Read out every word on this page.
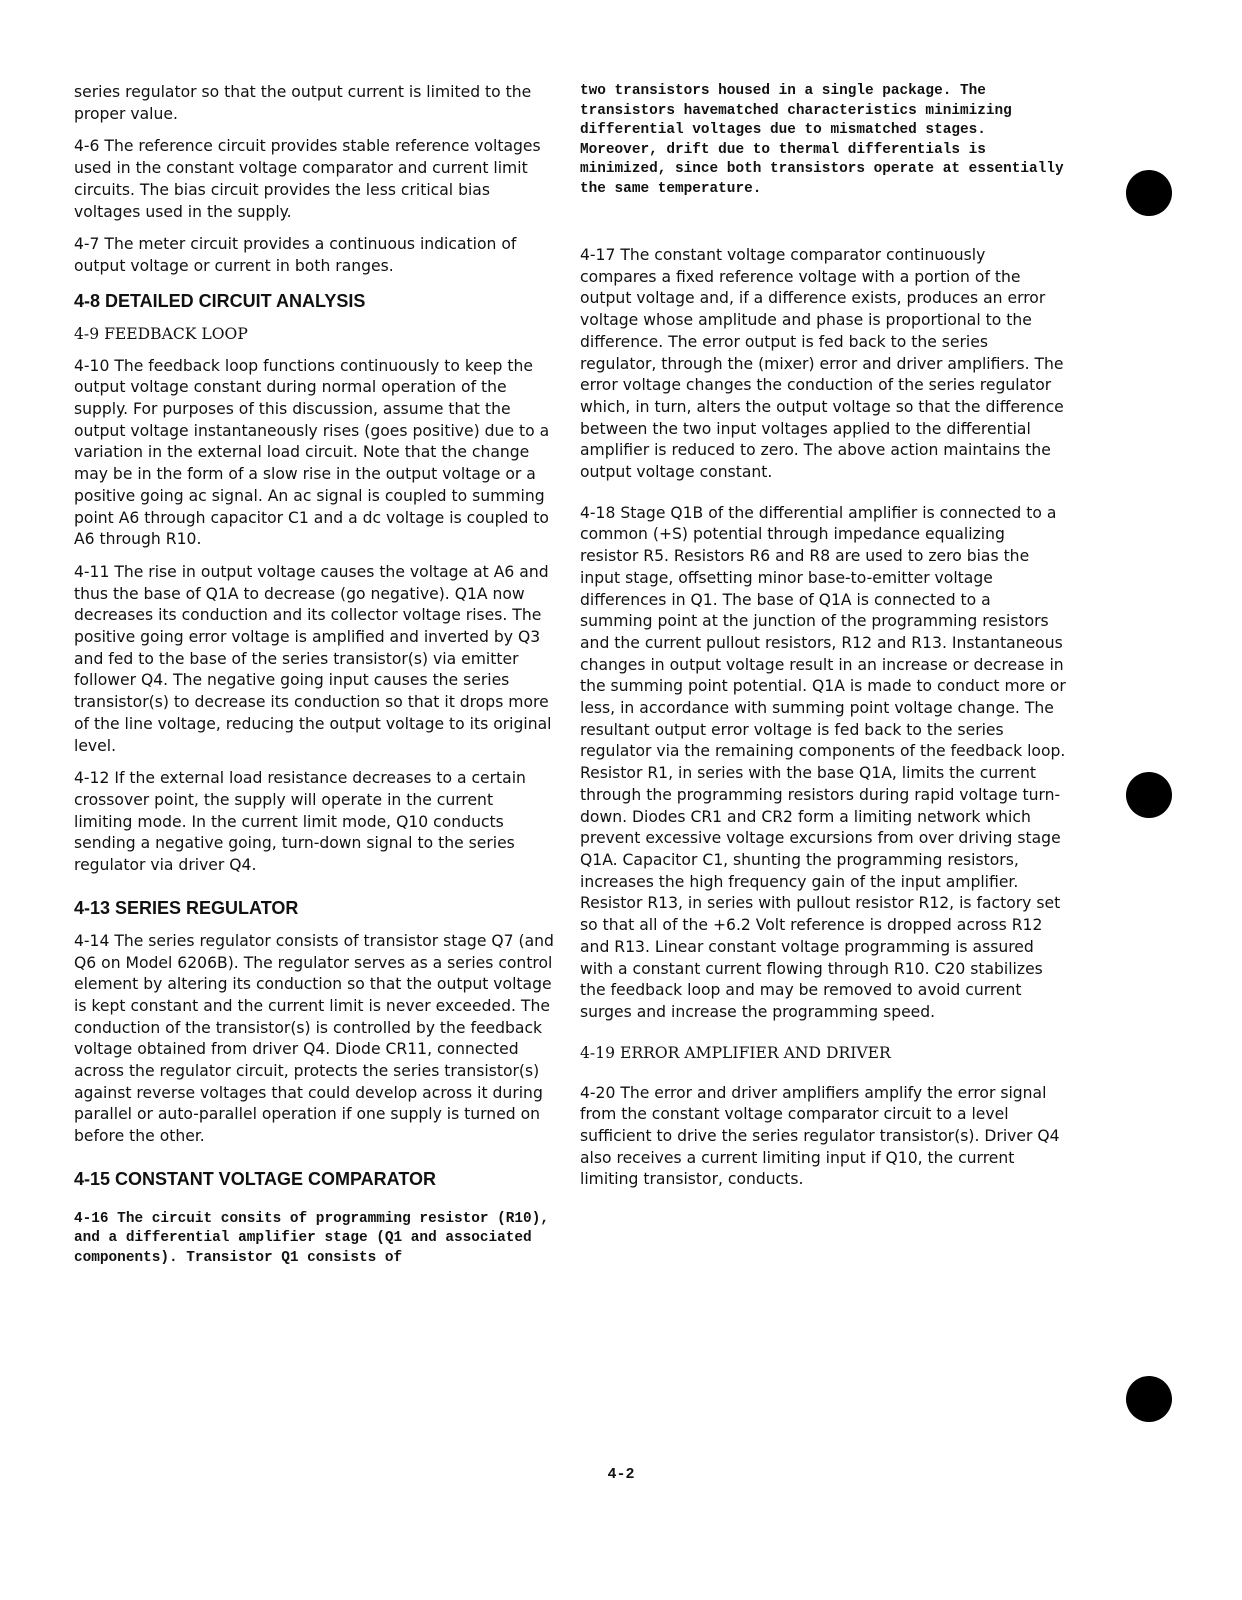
series regulator so that the output current is limited to the proper value.

4-6 The reference circuit provides stable reference voltages used in the constant voltage comparator and current limit circuits. The bias circuit provides the less critical bias voltages used in the supply.

4-7 The meter circuit provides a continuous indication of output voltage or current in both ranges.

4-8 DETAILED CIRCUIT ANALYSIS

4-9 FEEDBACK LOOP

4-10 The feedback loop functions continuously to keep the output voltage constant during normal operation of the supply. For purposes of this discussion, assume that the output voltage instantaneously rises (goes positive) due to a variation in the external load circuit. Note that the change may be in the form of a slow rise in the output voltage or a positive going ac signal. An ac signal is coupled to summing point A6 through capacitor C1 and a dc voltage is coupled to A6 through R10.

4-11 The rise in output voltage causes the voltage at A6 and thus the base of Q1A to decrease (go negative). Q1A now decreases its conduction and its collector voltage rises. The positive going error voltage is amplified and inverted by Q3 and fed to the base of the series transistor(s) via emitter follower Q4. The negative going input causes the series transistor(s) to decrease its conduction so that it drops more of the line voltage, reducing the output voltage to its original level.

4-12 If the external load resistance decreases to a certain crossover point, the supply will operate in the current limiting mode. In the current limit mode, Q10 conducts sending a negative going, turn-down signal to the series regulator via driver Q4.

4-13 SERIES REGULATOR

4-14 The series regulator consists of transistor stage Q7 (and Q6 on Model 6206B). The regulator serves as a series control element by altering its conduction so that the output voltage is kept constant and the current limit is never exceeded. The conduction of the transistor(s) is controlled by the feedback voltage obtained from driver Q4. Diode CR11, connected across the regulator circuit, protects the series transistor(s) against reverse voltages that could develop across it during parallel or auto-parallel operation if one supply is turned on before the other.

4-15 CONSTANT VOLTAGE COMPARATOR

4-16 The circuit consits of programming resistor (R10), and a differential amplifier stage (Q1 and associated components). Transistor Q1 consists of

two transistors housed in a single package. The transistors havematched characteristics minimizing differential voltages due to mismatched stages. Moreover, drift due to thermal differentials is minimized, since both transistors operate at essentially the same temperature.

4-17 The constant voltage comparator continuously compares a fixed reference voltage with a portion of the output voltage and, if a difference exists, produces an error voltage whose amplitude and phase is proportional to the difference. The error output is fed back to the series regulator, through the (mixer) error and driver amplifiers. The error voltage changes the conduction of the series regulator which, in turn, alters the output voltage so that the difference between the two input voltages applied to the differential amplifier is reduced to zero. The above action maintains the output voltage constant.

4-18 Stage Q1B of the differential amplifier is connected to a common (+S) potential through impedance equalizing resistor R5. Resistors R6 and R8 are used to zero bias the input stage, offsetting minor base-to-emitter voltage differences in Q1. The base of Q1A is connected to a summing point at the junction of the programming resistors and the current pullout resistors, R12 and R13. Instantaneous changes in output voltage result in an increase or decrease in the summing point potential. Q1A is made to conduct more or less, in accordance with summing point voltage change. The resultant output error voltage is fed back to the series regulator via the remaining components of the feedback loop. Resistor R1, in series with the base Q1A, limits the current through the programming resistors during rapid voltage turn-down. Diodes CR1 and CR2 form a limiting network which prevent excessive voltage excursions from over driving stage Q1A. Capacitor C1, shunting the programming resistors, increases the high frequency gain of the input amplifier. Resistor R13, in series with pullout resistor R12, is factory set so that all of the +6.2 Volt reference is dropped across R12 and R13. Linear constant voltage programming is assured with a constant current flowing through R10. C20 stabilizes the feedback loop and may be removed to avoid current surges and increase the programming speed.

4-19 ERROR AMPLIFIER AND DRIVER

4-20 The error and driver amplifiers amplify the error signal from the constant voltage comparator circuit to a level sufficient to drive the series regulator transistor(s). Driver Q4 also receives a current limiting input if Q10, the current limiting transistor, conducts.

4-2
